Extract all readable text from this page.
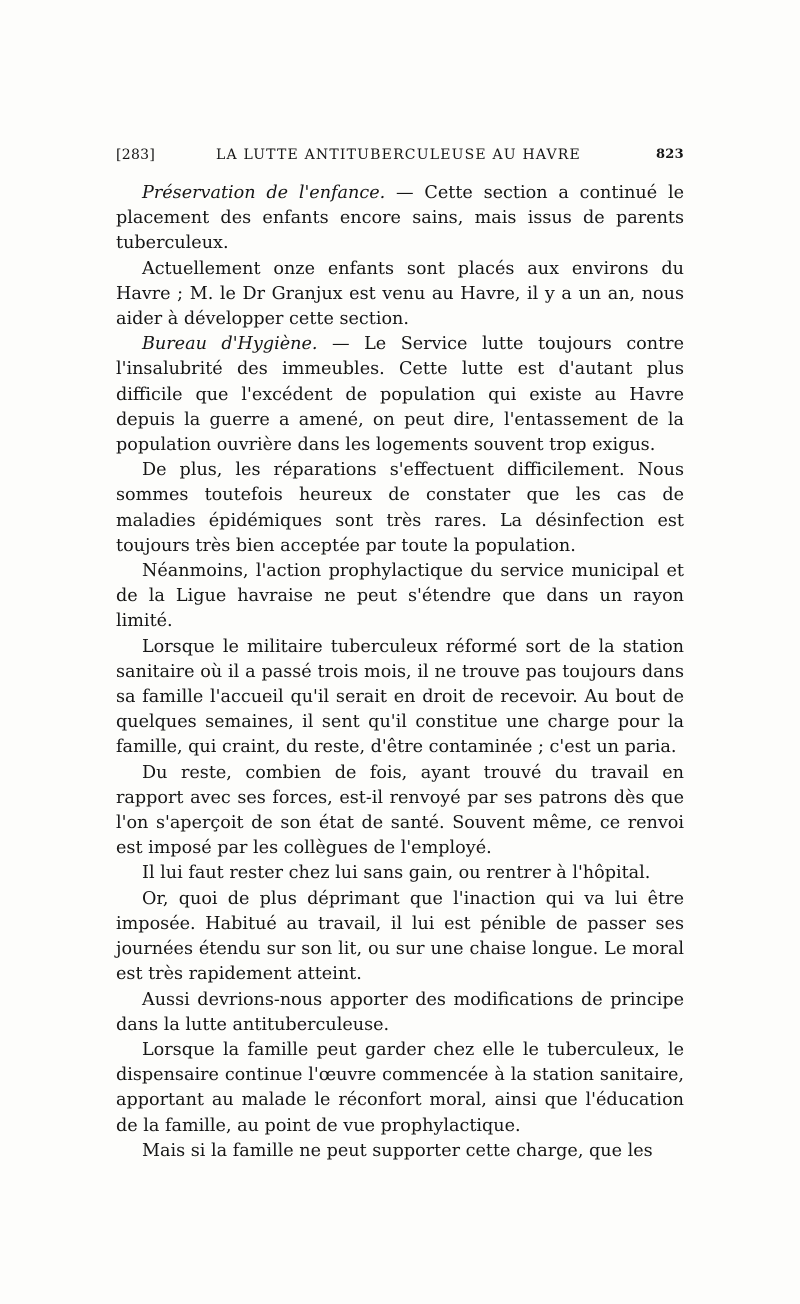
[283]	LA LUTTE ANTITUBERCULEUSE AU HAVRE	823

Préservation de l'enfance. — Cette section a continué le placement des enfants encore sains, mais issus de parents tuberculeux.

Actuellement onze enfants sont placés aux environs du Havre ; M. le Dr Granjux est venu au Havre, il y a un an, nous aider à développer cette section.

Bureau d'Hygiène. — Le Service lutte toujours contre l'insalubrité des immeubles. Cette lutte est d'autant plus difficile que l'excédent de population qui existe au Havre depuis la guerre a amené, on peut dire, l'entassement de la population ouvrière dans les logements souvent trop exigus.

De plus, les réparations s'effectuent difficilement. Nous sommes toutefois heureux de constater que les cas de maladies épidémiques sont très rares. La désinfection est toujours très bien acceptée par toute la population.

Néanmoins, l'action prophylactique du service municipal et de la Ligue havraise ne peut s'étendre que dans un rayon limité.

Lorsque le militaire tuberculeux réformé sort de la station sanitaire où il a passé trois mois, il ne trouve pas toujours dans sa famille l'accueil qu'il serait en droit de recevoir. Au bout de quelques semaines, il sent qu'il constitue une charge pour la famille, qui craint, du reste, d'être contaminée ; c'est un paria.

Du reste, combien de fois, ayant trouvé du travail en rapport avec ses forces, est-il renvoyé par ses patrons dès que l'on s'aperçoit de son état de santé. Souvent même, ce renvoi est imposé par les collègues de l'employé.

Il lui faut rester chez lui sans gain, ou rentrer à l'hôpital.

Or, quoi de plus déprimant que l'inaction qui va lui être imposée. Habitué au travail, il lui est pénible de passer ses journées étendu sur son lit, ou sur une chaise longue. Le moral est très rapidement atteint.

Aussi devrions-nous apporter des modifications de principe dans la lutte antituberculeuse.

Lorsque la famille peut garder chez elle le tuberculeux, le dispensaire continue l'œuvre commencée à la station sanitaire, apportant au malade le réconfort moral, ainsi que l'éducation de la famille, au point de vue prophylactique.

Mais si la famille ne peut supporter cette charge, que les
